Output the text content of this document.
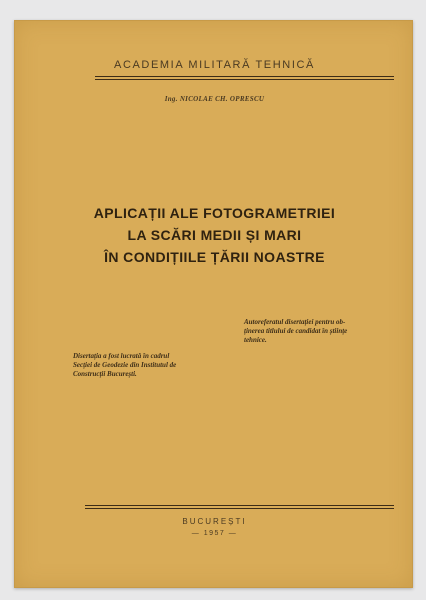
ACADEMIA MILITARĂ TEHNICĂ

Ing. NICOLAE CH. OPRESCU

APLICAȚII ALE FOTOGRAMETRIEI

LA SCĂRI MEDII ȘI MARI

ÎN CONDIȚIILE ȚĂRII NOASTRE

Autoreferatul disertației pentru ob-

ținerea titlului de candidat în științe

tehnice.

Disertația a fost lucrată în cadrul

Secției de Geodezie din Institutul de

Construcții București.

BUCUREȘTI

— 1957 —
